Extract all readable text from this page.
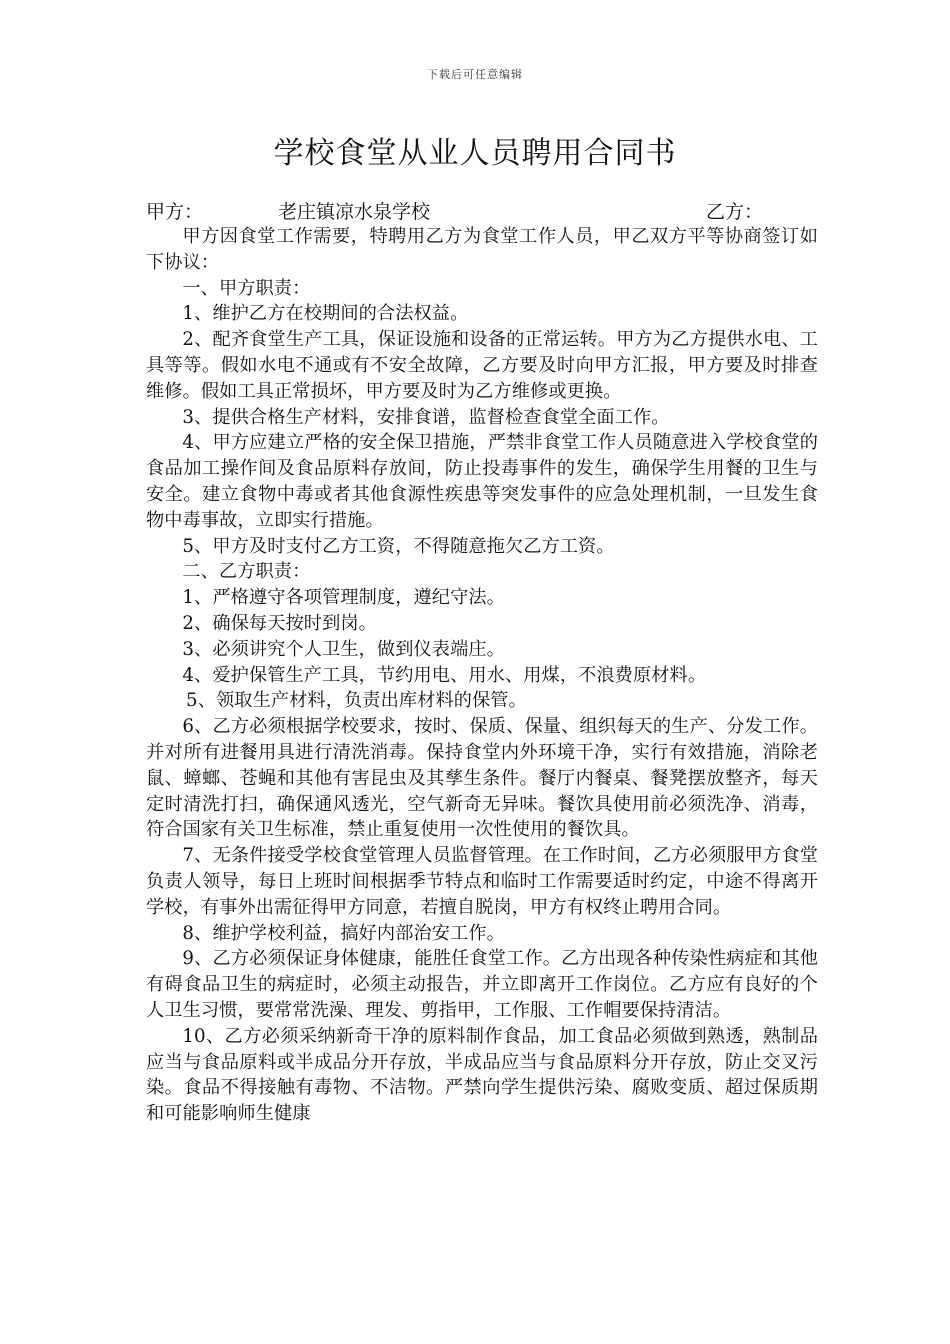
下载后可任意编辑
学校食堂从业人员聘用合同书
甲方：	老庄镇凉水泉学校	乙方：

甲方因食堂工作需要，特聘用乙方为食堂工作人员，甲乙双方平等协商签订如下协议：

一、甲方职责：

1、维护乙方在校期间的合法权益。

2、配齐食堂生产工具，保证设施和设备的正常运转。甲方为乙方提供水电、工具等等。假如水电不通或有不安全故障，乙方要及时向甲方汇报，甲方要及时排查维修。假如工具正常损坏，甲方要及时为乙方维修或更换。

3、提供合格生产材料，安排食谱，监督检查食堂全面工作。

4、甲方应建立严格的安全保卫措施，严禁非食堂工作人员随意进入学校食堂的食品加工操作间及食品原料存放间，防止投毒事件的发生，确保学生用餐的卫生与安全。建立食物中毒或者其他食源性疾患等突发事件的应急处理机制，一旦发生食物中毒事故，立即实行措施。

5、甲方及时支付乙方工资，不得随意拖欠乙方工资。

二、乙方职责：

1、严格遵守各项管理制度，遵纪守法。

2、确保每天按时到岗。

3、必须讲究个人卫生，做到仪表端庄。

4、爱护保管生产工具，节约用电、用水、用煤，不浪费原材料。

5、领取生产材料，负责出库材料的保管。

6、乙方必须根据学校要求，按时、保质、保量、组织每天的生产、分发工作。并对所有进餐用具进行清洗消毒。保持食堂内外环境干净，实行有效措施，消除老鼠、蟑螂、苍蝇和其他有害昆虫及其孳生条件。餐厅内餐桌、餐凳摆放整齐，每天定时清洗打扫，确保通风透光，空气新奇无异味。餐饮具使用前必须洗净、消毒，符合国家有关卫生标准，禁止重复使用一次性使用的餐饮具。

7、无条件接受学校食堂管理人员监督管理。在工作时间，乙方必须服甲方食堂负责人领导，每日上班时间根据季节特点和临时工作需要适时约定，中途不得离开学校，有事外出需征得甲方同意，若擅自脱岗，甲方有权终止聘用合同。

8、维护学校利益，搞好内部治安工作。

9、乙方必须保证身体健康，能胜任食堂工作。乙方出现各种传染性病症和其他有碍食品卫生的病症时，必须主动报告，并立即离开工作岗位。乙方应有良好的个人卫生习惯，要常常洗澡、理发、剪指甲，工作服、工作帽要保持清洁。

10、乙方必须采纳新奇干净的原料制作食品，加工食品必须做到熟透，熟制品应当与食品原料或半成品分开存放，半成品应当与食品原料分开存放，防止交叉污染。食品不得接触有毒物、不洁物。严禁向学生提供污染、腐败变质、超过保质期和可能影响师生健康
